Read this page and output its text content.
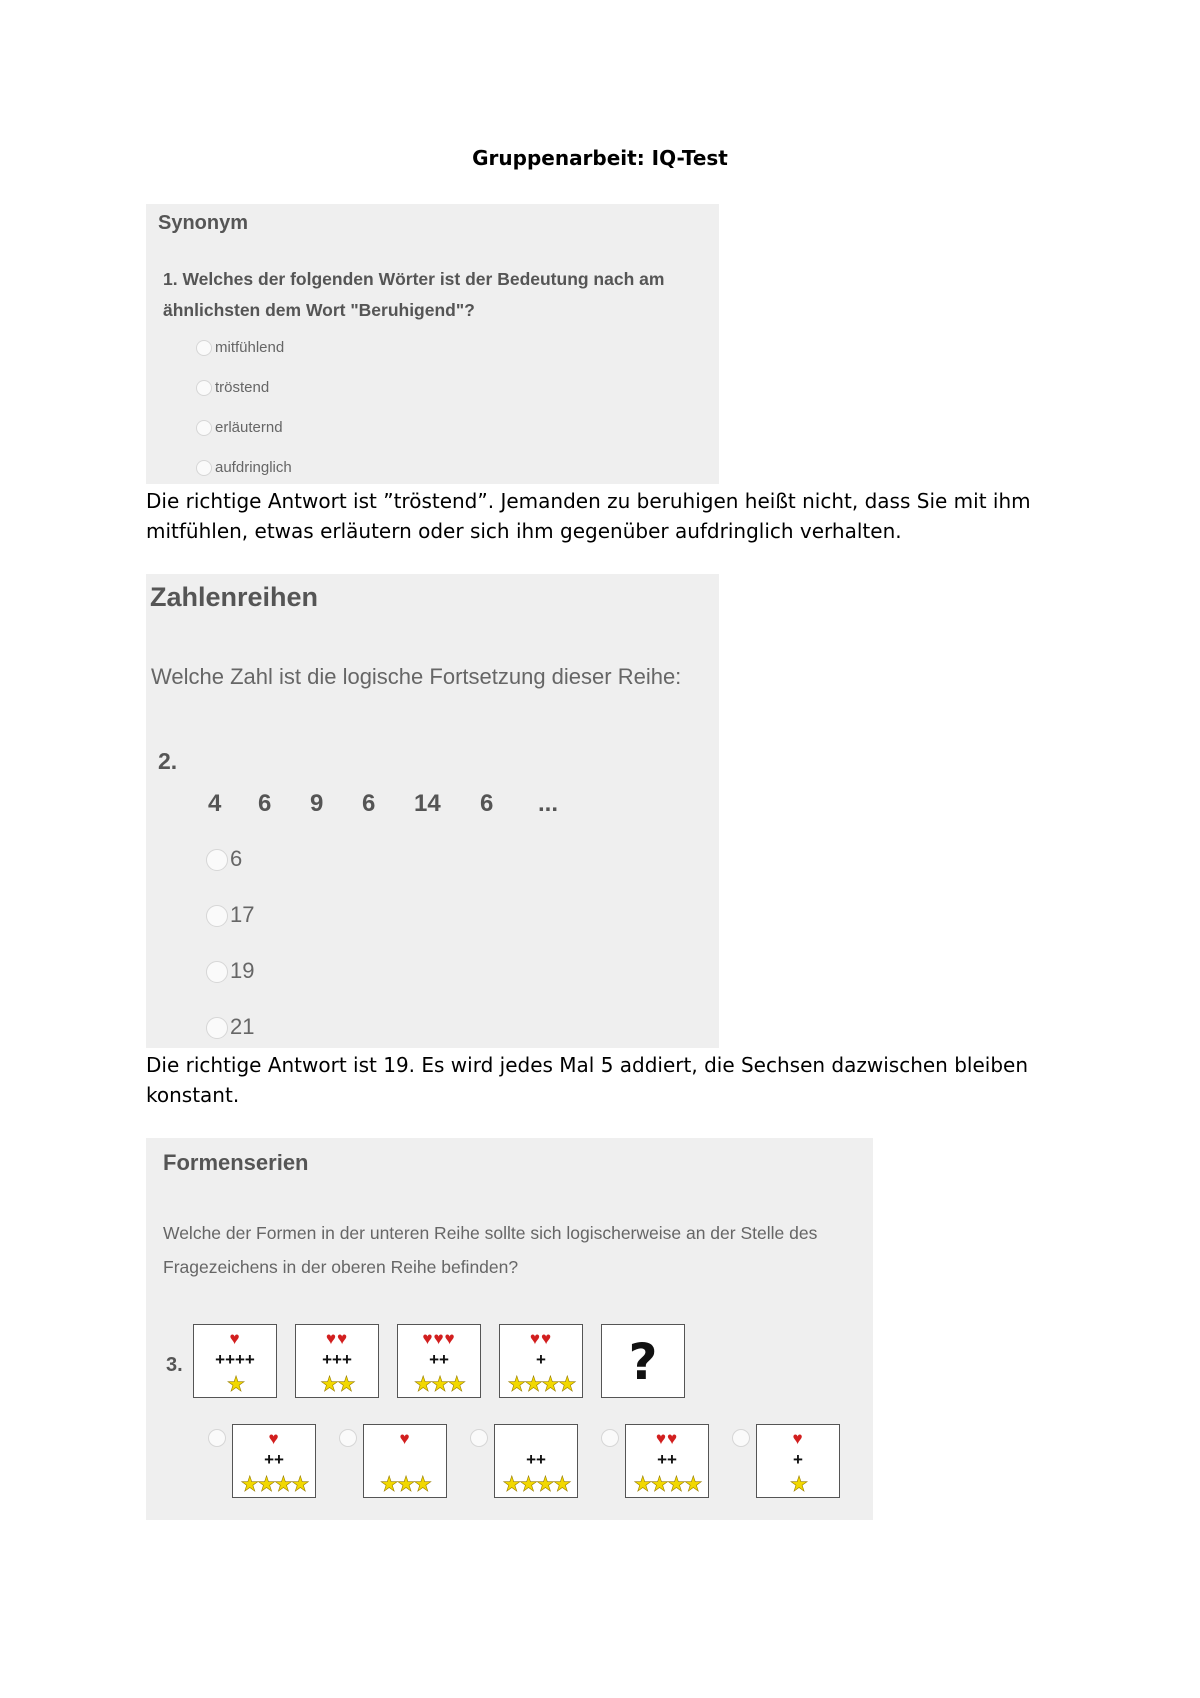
Gruppenarbeit: IQ-Test
Synonym
1. Welches der folgenden Wörter ist der Bedeutung nach am ähnlichsten dem Wort "Beruhigend"?
mitfühlend
tröstend
erläuternd
aufdringlich
Die richtige Antwort ist ”tröstend”. Jemanden zu beruhigen heißt nicht, dass Sie mit ihm mitfühlen, etwas erläutern oder sich ihm gegenüber aufdringlich verhalten.
Zahlenreihen
Welche Zahl ist die logische Fortsetzung dieser Reihe:
2.
4 6 9 6 14 6 ...
6
17
19
21
Die richtige Antwort ist 19. Es wird jedes Mal 5 addiert, die Sechsen dazwischen bleiben konstant.
Formenserien
Welche der Formen in der unteren Reihe sollte sich logischerweise an der Stelle des Fragezeichens in der oberen Reihe befinden?
3.
♥
++++
★
♥♥
+++
★★
♥♥♥
++
★★★
♥♥
+
★★★★	?
♥
++
★★★★
♥
★★★
++
★★★★
♥♥
++
★★★★
♥
+
★
